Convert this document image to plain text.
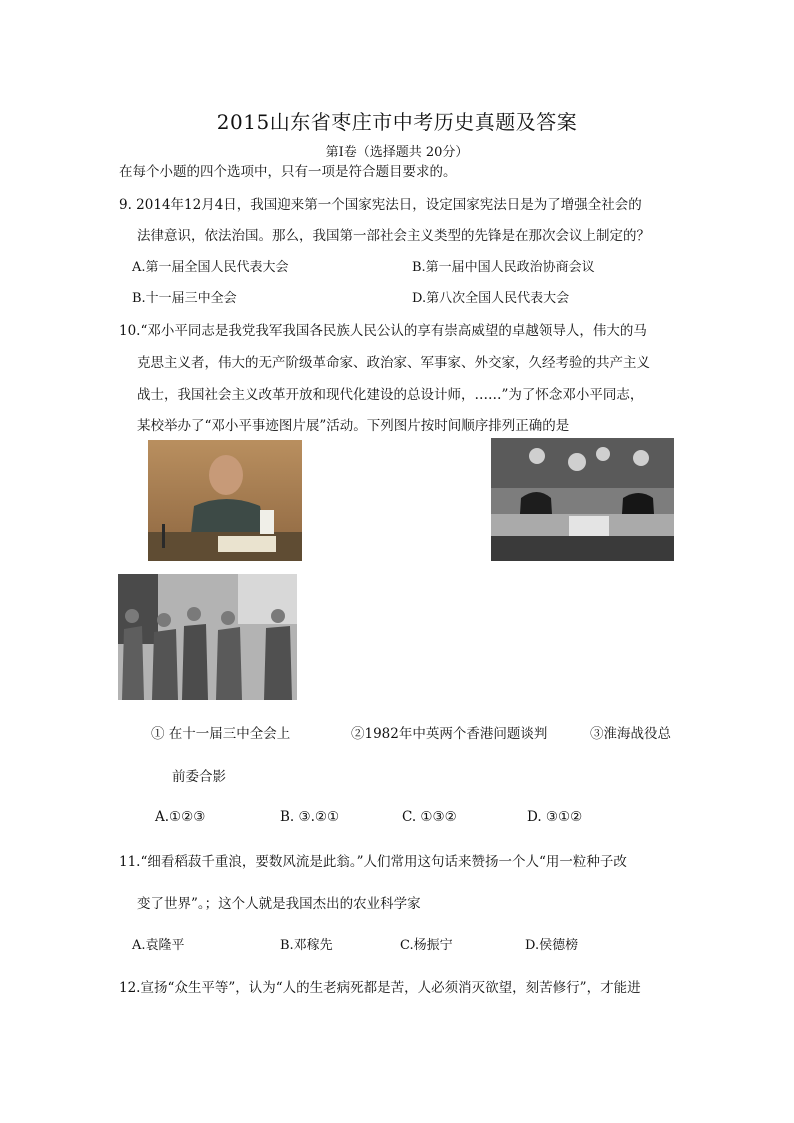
2015山东省枣庄市中考历史真题及答案
第Ⅰ卷（选择题共 20分）
在每个小题的四个选项中，只有一项是符合题目要求的。
9. 2014年12月4日，我国迎来第一个国家宪法日，设定国家宪法日是为了增强全社会的
法律意识，依法治国。那么，我国第一部社会主义类型的先锋是在那次会议上制定的？
A.第一届全国人民代表大会	B.第一届中国人民政治协商会议
B.十一届三中全会	D.第八次全国人民代表大会
10.“邓小平同志是我党我军我国各民族人民公认的享有崇高威望的卓越领导人，伟大的马
克思主义者，伟大的无产阶级革命家、政治家、军事家、外交家，久经考验的共产主义
战士，我国社会主义改革开放和现代化建设的总设计师，……”为了怀念邓小平同志，
某校举办了“邓小平事迹图片展”活动。下列图片按时间顺序排列正确的是
① 在十一届三中全会上	②1982年中英两个香港问题谈判	③淮海战役总
前委合影
A.①②③	B. ③.②①	C. ①③②	D. ③①②
11.“细看稻菽千重浪，要数风流是此翁。”人们常用这句话来赞扬一个人“用一粒种子改
变了世界”。；这个人就是我国杰出的农业科学家
A.袁隆平	B.邓稼先	C.杨振宁	D.侯德榜
12.宣扬“众生平等”，认为“人的生老病死都是苦，人必须消灭欲望，刻苦修行”，才能进
